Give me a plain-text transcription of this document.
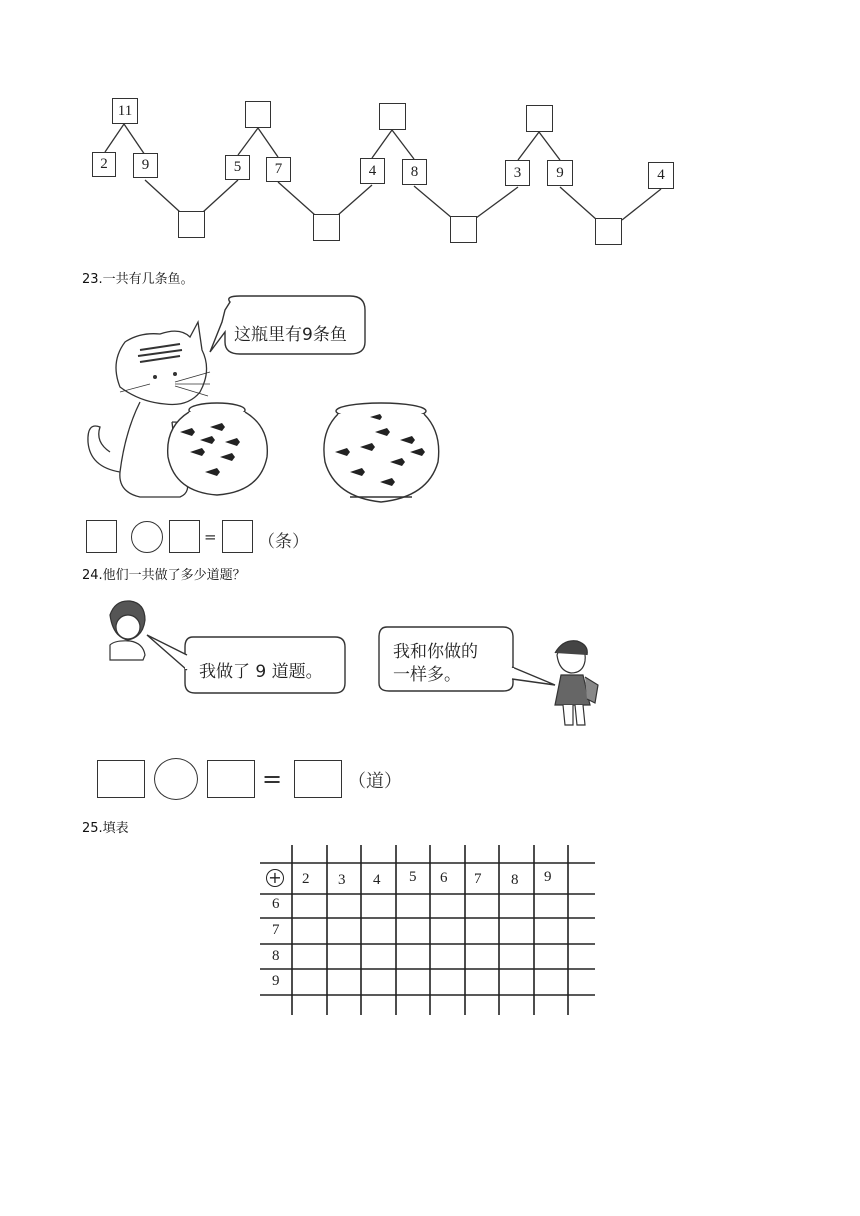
11
2	9	5	7	4	8	3	9	4
23.一共有几条鱼。
这瓶里有9条鱼
= （条）
24.他们一共做了多少道题？
我做了 9 道题。
我和你做的
一样多。
=	（道）
25.填表
+ 2 3 4 5 6 7 8 9
6
7
8
9
